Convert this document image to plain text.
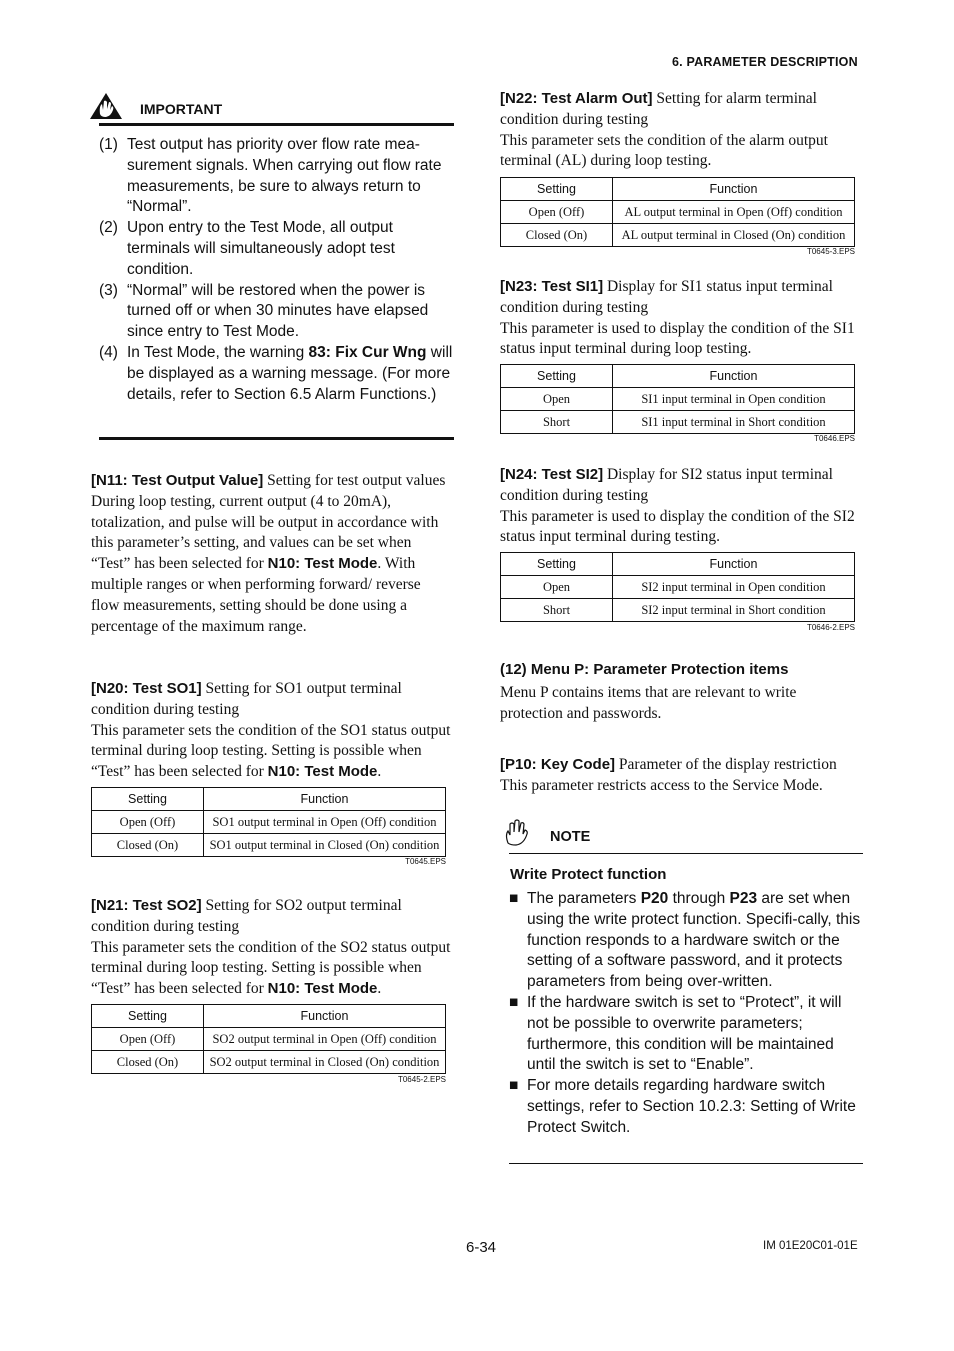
6. PARAMETER DESCRIPTION
IMPORTANT
(1) Test output has priority over flow rate mea-surement signals. When carrying out flow rate measurements, be sure to always return to “Normal”.
(2) Upon entry to the Test Mode, all output terminals will simultaneously adopt test condition.
(3) “Normal” will be restored when the power is turned off or when 30 minutes have elapsed since entry to Test Mode.
(4) In Test Mode, the warning 83: Fix Cur Wng will be displayed as a warning message. (For more details, refer to Section 6.5 Alarm Functions.)
[N11: Test Output Value] Setting for test output values
During loop testing, current output (4 to 20mA), totalization, and pulse will be output in accordance with this parameter’s setting, and values can be set when “Test” has been selected for N10: Test Mode. With multiple ranges or when performing forward/ reverse flow measurements, setting should be done using a percentage of the maximum range.
[N20: Test SO1] Setting for SO1 output terminal condition during testing
This parameter sets the condition of the SO1 status output terminal during loop testing. Setting is possible when “Test” has been selected for N10: Test Mode.
Setting	Function
Open (Off)	SO1 output terminal in Open (Off) condition
Closed (On)	SO1 output terminal in Closed (On) condition
T0645.EPS
[N21: Test SO2] Setting for SO2 output terminal condition during testing
This parameter sets the condition of the SO2 status output terminal during loop testing. Setting is possible when “Test” has been selected for N10: Test Mode.
Setting	Function
Open (Off)	SO2 output terminal in Open (Off) condition
Closed (On)	SO2 output terminal in Closed (On) condition
T0645-2.EPS
[N22: Test Alarm Out] Setting for alarm terminal condition during testing
This parameter sets the condition of the alarm output terminal (AL) during loop testing.
Setting	Function
Open (Off)	AL output terminal in Open (Off) condition
Closed (On)	AL output terminal in Closed (On) condition
T0645-3.EPS
[N23: Test SI1] Display for SI1 status input terminal condition during testing
This parameter is used to display the condition of the SI1 status input terminal during loop testing.
Setting	Function
Open	SI1 input terminal in Open condition
Short	SI1 input terminal in Short condition
T0646.EPS
[N24: Test SI2] Display for SI2 status input terminal condition during testing
This parameter is used to display the condition of the SI2 status input terminal during testing.
Setting	Function
Open	SI2 input terminal in Open condition
Short	SI2 input terminal in Short condition
T0646-2.EPS
(12) Menu P: Parameter Protection items
Menu P contains items that are relevant to write protection and passwords.
[P10: Key Code] Parameter of the display restriction
This parameter restricts access to the Service Mode.
NOTE
Write Protect function
■ The parameters P20 through P23 are set when using the write protect function. Specifi-cally, this function responds to a hardware switch or the setting of a software password, and it protects parameters from being over-written.
■ If the hardware switch is set to “Protect”, it will not be possible to overwrite parameters; furthermore, this condition will be maintained until the switch is set to “Enable”.
■ For more details regarding hardware switch settings, refer to Section 10.2.3: Setting of Write Protect Switch.
6-34	IM 01E20C01-01E
